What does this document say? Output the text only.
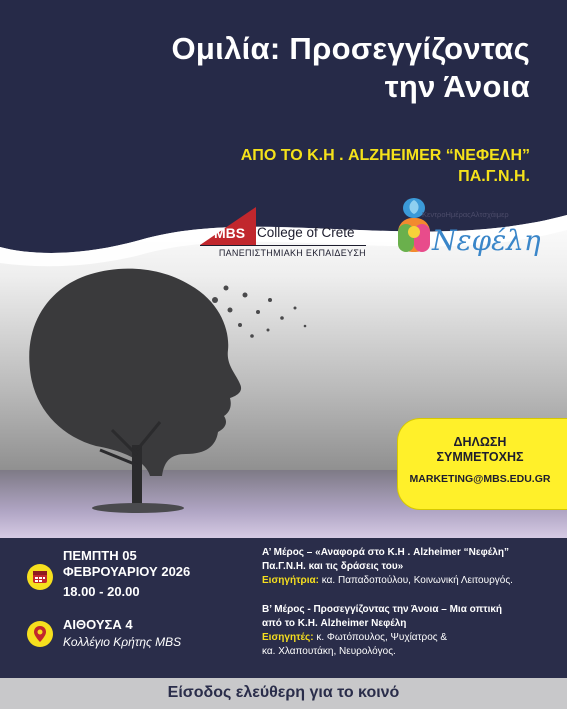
Ομιλία: Προσεγγίζοντας
την Άνοια
ΑΠΟ ΤΟ Κ.Η . ALZHEIMER “ΝΕΦΕΛΗ”
ΠΑ.Γ.Ν.Η.
MBS College of Crete
ΠΑΝΕΠΙΣΤΗΜΙΑΚΗ ΕΚΠΑΙΔΕΥΣΗ
ΚεντροΗμέραςΑλτσχάιμερ
Νεφέλη
ΔΗΛΩΣΗ
ΣΥΜΜΕΤΟΧΗΣ
MARKETING@MBS.EDU.GR
ΠΕΜΠΤΗ 05
ΦΕΒΡΟΥΑΡΙΟΥ 2026
18.00 - 20.00
ΑΙΘΟΥΣΑ 4
Κολλέγιο Κρήτης MBS
Α’ Μέρος – «Αναφορά στο Κ.Η . Alzheimer “Νεφέλη”
Πα.Γ.Ν.Η. και τις δράσεις του»
Εισηγήτρια: κα. Παπαδοπούλου, Κοινωνική Λειτουργός.
Β’ Μέρος - Προσεγγίζοντας την Άνοια – Μια οπτική
από το Κ.Η. Alzheimer Νεφέλη
Εισηγητές: κ. Φωτόπουλος, Ψυχίατρος &
κα. Χλαπουτάκη, Νευρολόγος.
Είσοδος ελεύθερη για το κοινό
